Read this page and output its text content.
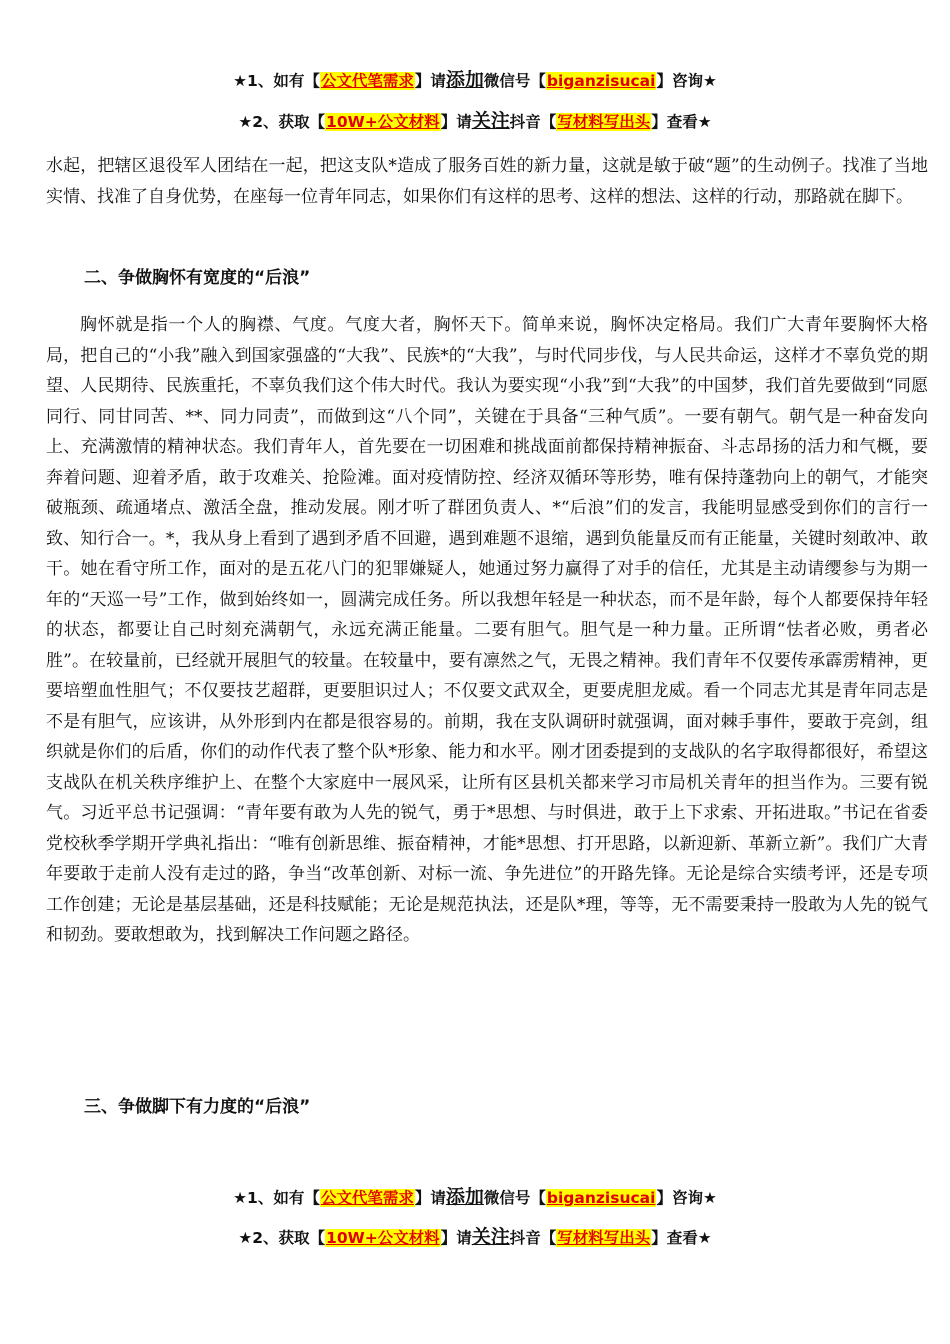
★1、如有【公文代笔需求】请添加微信号【biganzisucai】咨询★
★2、获取【10W+公文材料】请关注抖音【写材料写出头】查看★

水起，把辖区退役军人团结在一起，把这支队*造成了服务百姓的新力量，这就是敏于破“题”的生动例子。找准了当地实情、找准了自身优势，在座每一位青年同志，如果你们有这样的思考、这样的想法、这样的行动，那路就在脚下。

二、争做胸怀有宽度的“后浪”

胸怀就是指一个人的胸襟、气度。气度大者，胸怀天下。简单来说，胸怀决定格局。我们广大青年要胸怀大格局，把自己的“小我”融入到国家强盛的“大我”、民族*的“大我”，与时代同步伐，与人民共命运，这样才不辜负党的期望、人民期待、民族重托，不辜负我们这个伟大时代。我认为要实现“小我”到“大我”的中国梦，我们首先要做到“同愿同行、同甘同苦、**、同力同责”，而做到这“八个同”，关键在于具备“三种气质”。一要有朝气。朝气是一种奋发向上、充满激情的精神状态。我们青年人，首先要在一切困难和挑战面前都保持精神振奋、斗志昂扬的活力和气概，要奔着问题、迎着矛盾，敢于攻难关、抢险滩。面对疫情防控、经济双循环等形势，唯有保持蓬勃向上的朝气，才能突破瓶颈、疏通堵点、激活全盘，推动发展。刚才听了群团负责人、*“后浪”们的发言，我能明显感受到你们的言行一致、知行合一。*，我从身上看到了遇到矛盾不回避，遇到难题不退缩，遇到负能量反而有正能量，关键时刻敢冲、敢干。她在看守所工作，面对的是五花八门的犯罪嫌疑人，她通过努力赢得了对手的信任，尤其是主动请缨参与为期一年的“天巡一号”工作，做到始终如一，圆满完成任务。所以我想年轻是一种状态，而不是年龄，每个人都要保持年轻的状态，都要让自己时刻充满朝气，永远充满正能量。二要有胆气。胆气是一种力量。正所谓“怯者必败，勇者必胜”。在较量前，已经就开展胆气的较量。在较量中，要有凛然之气，无畏之精神。我们青年不仅要传承霹雳精神，更要培塑血性胆气；不仅要技艺超群，更要胆识过人；不仅要文武双全，更要虎胆龙威。看一个同志尤其是青年同志是不是有胆气，应该讲，从外形到内在都是很容易的。前期，我在支队调研时就强调，面对棘手事件，要敢于亮剑，组织就是你们的后盾，你们的动作代表了整个队*形象、能力和水平。刚才团委提到的支战队的名字取得都很好，希望这支战队在机关秩序维护上、在整个大家庭中一展风采，让所有区县机关都来学习市局机关青年的担当作为。三要有锐气。习近平总书记强调：“青年要有敢为人先的锐气，勇于*思想、与时俱进，敢于上下求索、开拓进取。”书记在省委党校秋季学期开学典礼指出：“唯有创新思维、振奋精神，才能*思想、打开思路，以新迎新、革新立新”。我们广大青年要敢于走前人没有走过的路，争当“改革创新、对标一流、争先进位”的开路先锋。无论是综合实绩考评，还是专项工作创建；无论是基层基础，还是科技赋能；无论是规范执法，还是队*理，等等，无不需要秉持一股敢为人先的锐气和韧劲。要敢想敢为，找到解决工作问题之路径。

三、争做脚下有力度的“后浪”
★1、如有【公文代笔需求】请添加微信号【biganzisucai】咨询★
★2、获取【10W+公文材料】请关注抖音【写材料写出头】查看★
